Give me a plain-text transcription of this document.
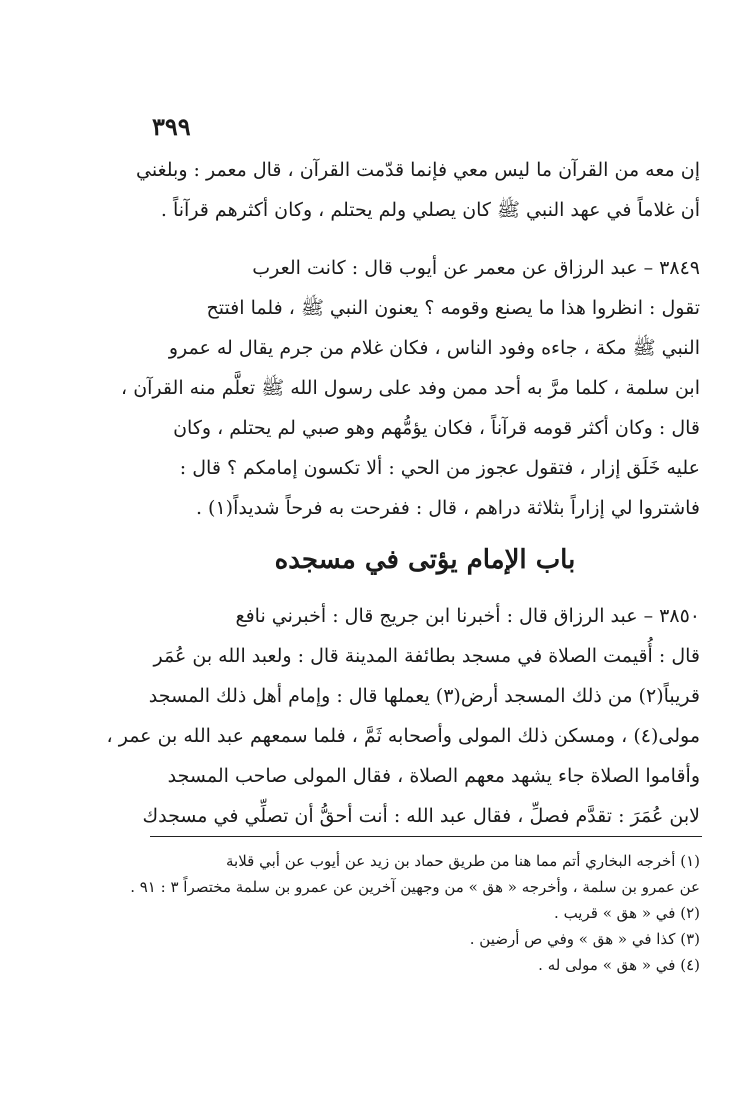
٣٩٩
إن معه من القرآن ما ليس معي فإنما قدّمت القرآن ، قال معمر : وبلغني
أن غلاماً في عهد النبي ﷺ كان يصلي ولم يحتلم ، وكان أكثرهم قرآناً .
٣٨٤٩ – عبد الرزاق عن معمر عن أيوب قال : كانت العرب
تقول : انظروا هذا ما يصنع وقومه ؟ يعنون النبي ﷺ ، فلما افتتح
النبي ﷺ مكة ، جاءه وفود الناس ، فكان غلام من جرم يقال له عمرو
ابن سلمة ، كلما مرَّ به أحد ممن وفد على رسول الله ﷺ تعلَّم منه القرآن ،
قال : وكان أكثر قومه قرآناً ، فكان يؤمُّهم وهو صبي لم يحتلم ، وكان
عليه خَلَق إزار ، فتقول عجوز من الحي : ألا تكسون إمامكم ؟ قال :
فاشتروا لي إزاراً بثلاثة دراهم ، قال : ففرحت به فرحاً شديداً(١) .
باب الإمام يؤتى في مسجده
٣٨٥٠ – عبد الرزاق قال : أخبرنا ابن جريج قال : أخبرني نافع
قال : أُقيمت الصلاة في مسجد بطائفة المدينة قال : ولعبد الله بن عُمَر
قريباً(٢) من ذلك المسجد أرض(٣) يعملها قال : وإمام أهل ذلك المسجد
مولى(٤) ، ومسكن ذلك المولى وأصحابه ثَمَّ ، فلما سمعهم عبد الله بن عمر ،
وأقاموا الصلاة جاء يشهد معهم الصلاة ، فقال المولى صاحب المسجد
لابن عُمَرَ : تقدَّم فصلِّ ، فقال عبد الله : أنت أحقُّ أن تصلِّي في مسجدك
(١) أخرجه البخاري أتم مما هنا من طريق حماد بن زيد عن أيوب عن أبي قلابة
عن عمرو بن سلمة ، وأخرجه « هق » من وجهين آخرين عن عمرو بن سلمة مختصراً ٣ : ٩١ .
(٢) في « هق » قريب .
(٣) كذا في « هق » وفي ص أرضين .
(٤) في « هق » مولى له .
